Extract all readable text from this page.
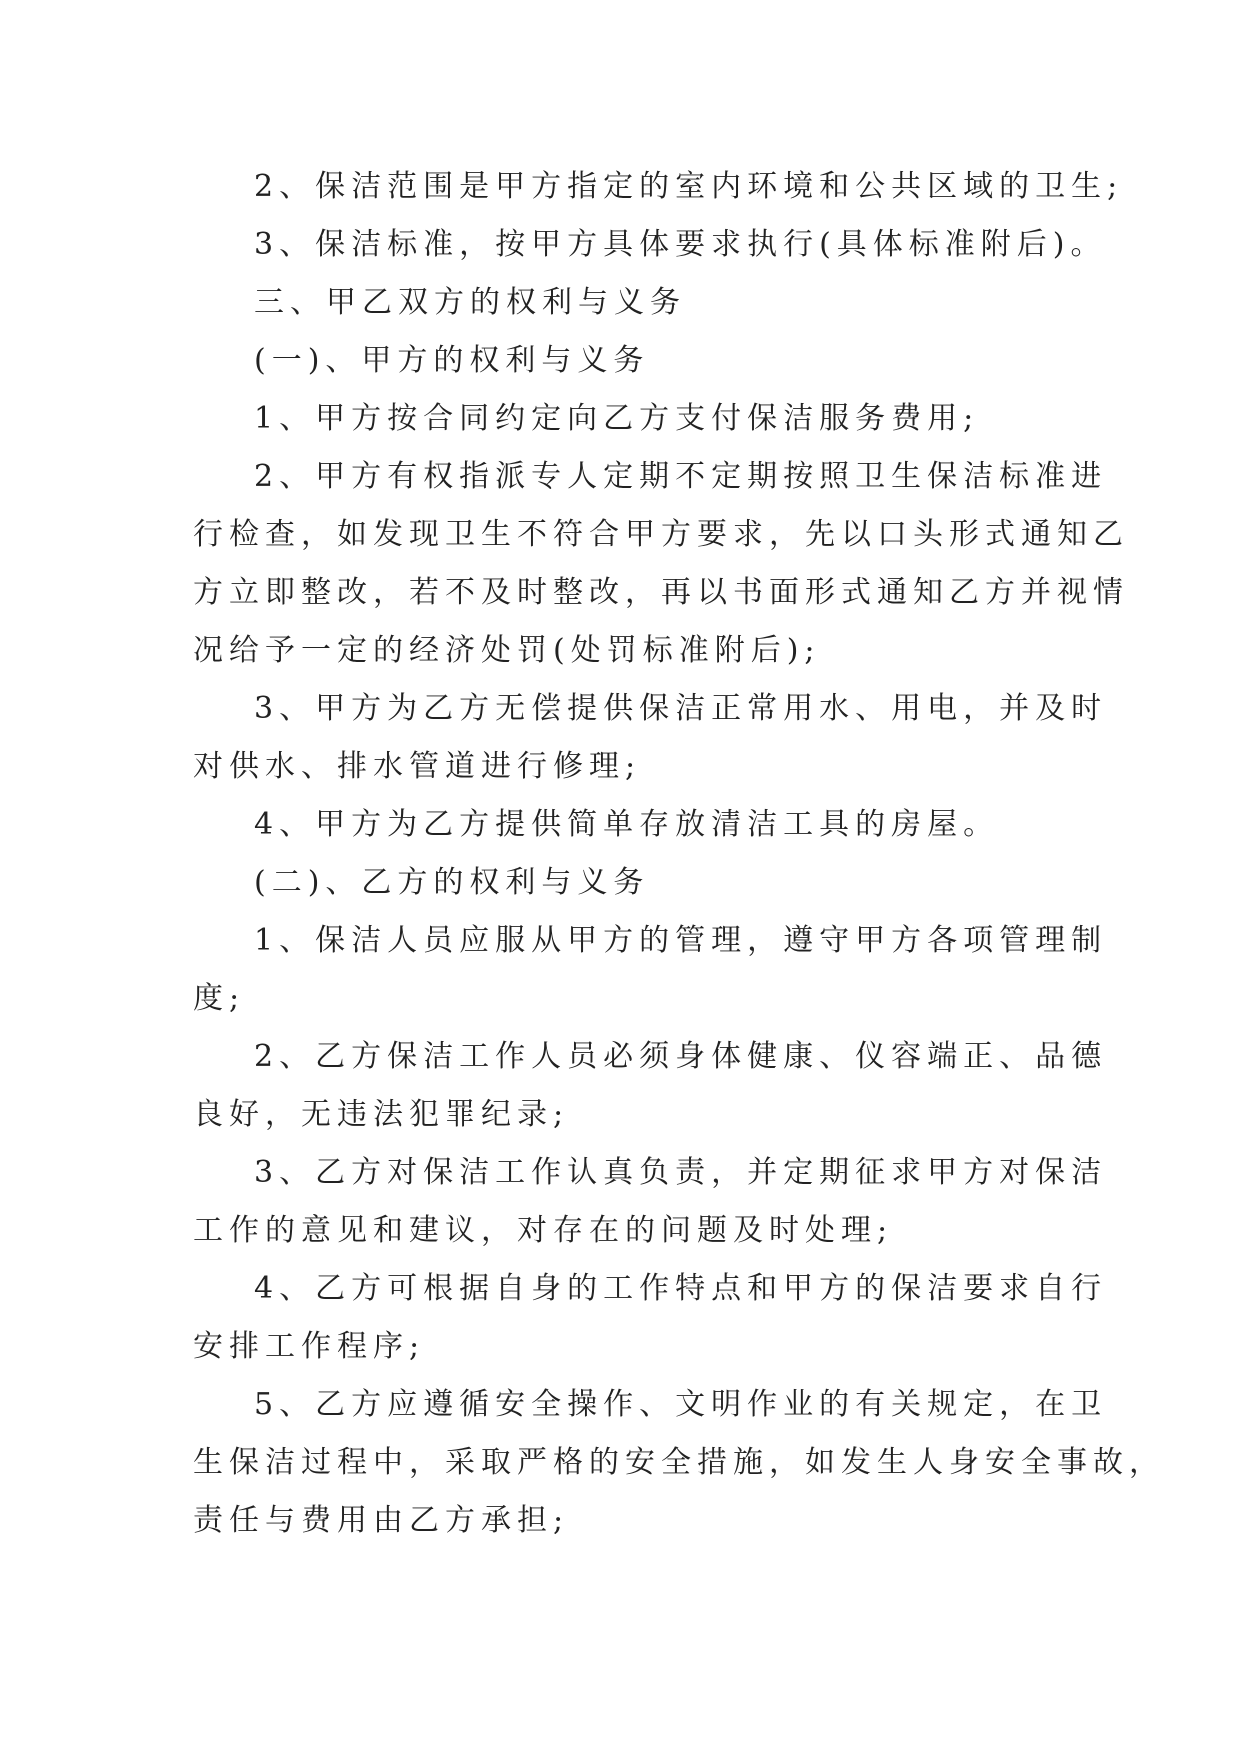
2、保洁范围是甲方指定的室内环境和公共区域的卫生;
3、保洁标准，按甲方具体要求执行(具体标准附后)。
三、甲乙双方的权利与义务
(一)、甲方的权利与义务
1、甲方按合同约定向乙方支付保洁服务费用;
2、甲方有权指派专人定期不定期按照卫生保洁标准进
行检查，如发现卫生不符合甲方要求，先以口头形式通知乙
方立即整改，若不及时整改，再以书面形式通知乙方并视情
况给予一定的经济处罚(处罚标准附后);
3、甲方为乙方无偿提供保洁正常用水、用电，并及时
对供水、排水管道进行修理;
4、甲方为乙方提供简单存放清洁工具的房屋。
(二)、乙方的权利与义务
1、保洁人员应服从甲方的管理，遵守甲方各项管理制
度;
2、乙方保洁工作人员必须身体健康、仪容端正、品德
良好，无违法犯罪纪录;
3、乙方对保洁工作认真负责，并定期征求甲方对保洁
工作的意见和建议，对存在的问题及时处理;
4、乙方可根据自身的工作特点和甲方的保洁要求自行
安排工作程序;
5、乙方应遵循安全操作、文明作业的有关规定，在卫
生保洁过程中，采取严格的安全措施，如发生人身安全事故，
责任与费用由乙方承担;
